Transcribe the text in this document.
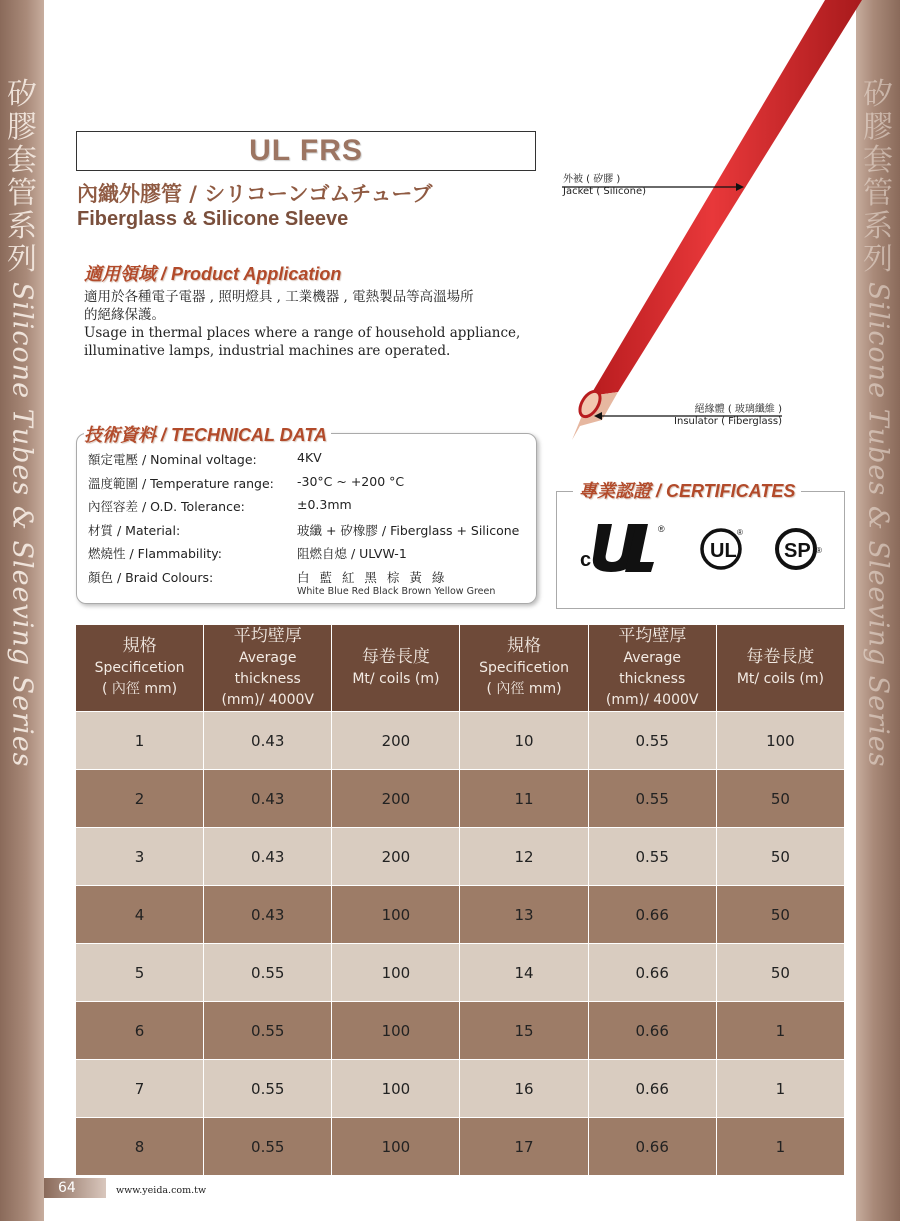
矽
膠
套
管
系
列
Silicone Tubes & Sleeving Series
矽
膠
套
管
系
列
Silicone Tubes & Sleeving Series
UL FRS
內織外膠管 / シリコーンゴムチューブ
Fiberglass & Silicone Sleeve
外被 ( 矽膠 )
Jacket ( Silicone)
絕緣體 ( 玻璃纖維 )
Insulator ( Fiberglass)
適用領域 / Product Application

適用於各種電子電器 , 照明燈具 , 工業機器 , 電熱製品等高溫場所

的絕緣保護。

Usage in thermal places where a range of household appliance,

illuminative lamps, industrial machines are operated.

技術資料 / TECHNICAL DATA
額定電壓 / Nominal voltage:	4KV
溫度範圍 / Temperature range: -30°C ~ +200 °C
內徑容差 / O.D. Tolerance:	±0.3mm
材質 / Material:	玻纖 + 矽橡膠 / Fiberglass + Silicone
燃燒性 / Flammability:	阻燃自熄 / ULVW-1
顏色 / Braid Colours:	白 藍 紅 黑 棕 黃 綠
White Blue Red Black Brown Yellow Green
專業認證 / CERTIFICATES
c
®
UL
®
SP ®
規格
Specificetion
( 內徑 mm)	平均壁厚
Average
thickness
(mm)/ 4000V	每卷長度
Mt/ coils (m)	規格
Specificetion
( 內徑 mm)	平均壁厚
Average
thickness
(mm)/ 4000V	每卷長度
Mt/ coils (m)
1	0.43	200	10	0.55	100
2	0.43	200	11	0.55	50
3	0.43	200	12	0.55	50
4	0.43	100	13	0.66	50
5	0.55	100	14	0.66	50
6	0.55	100	15	0.66	1
7	0.55	100	16	0.66	1
8	0.55	100	17	0.66	1
64	www.yeida.com.tw
